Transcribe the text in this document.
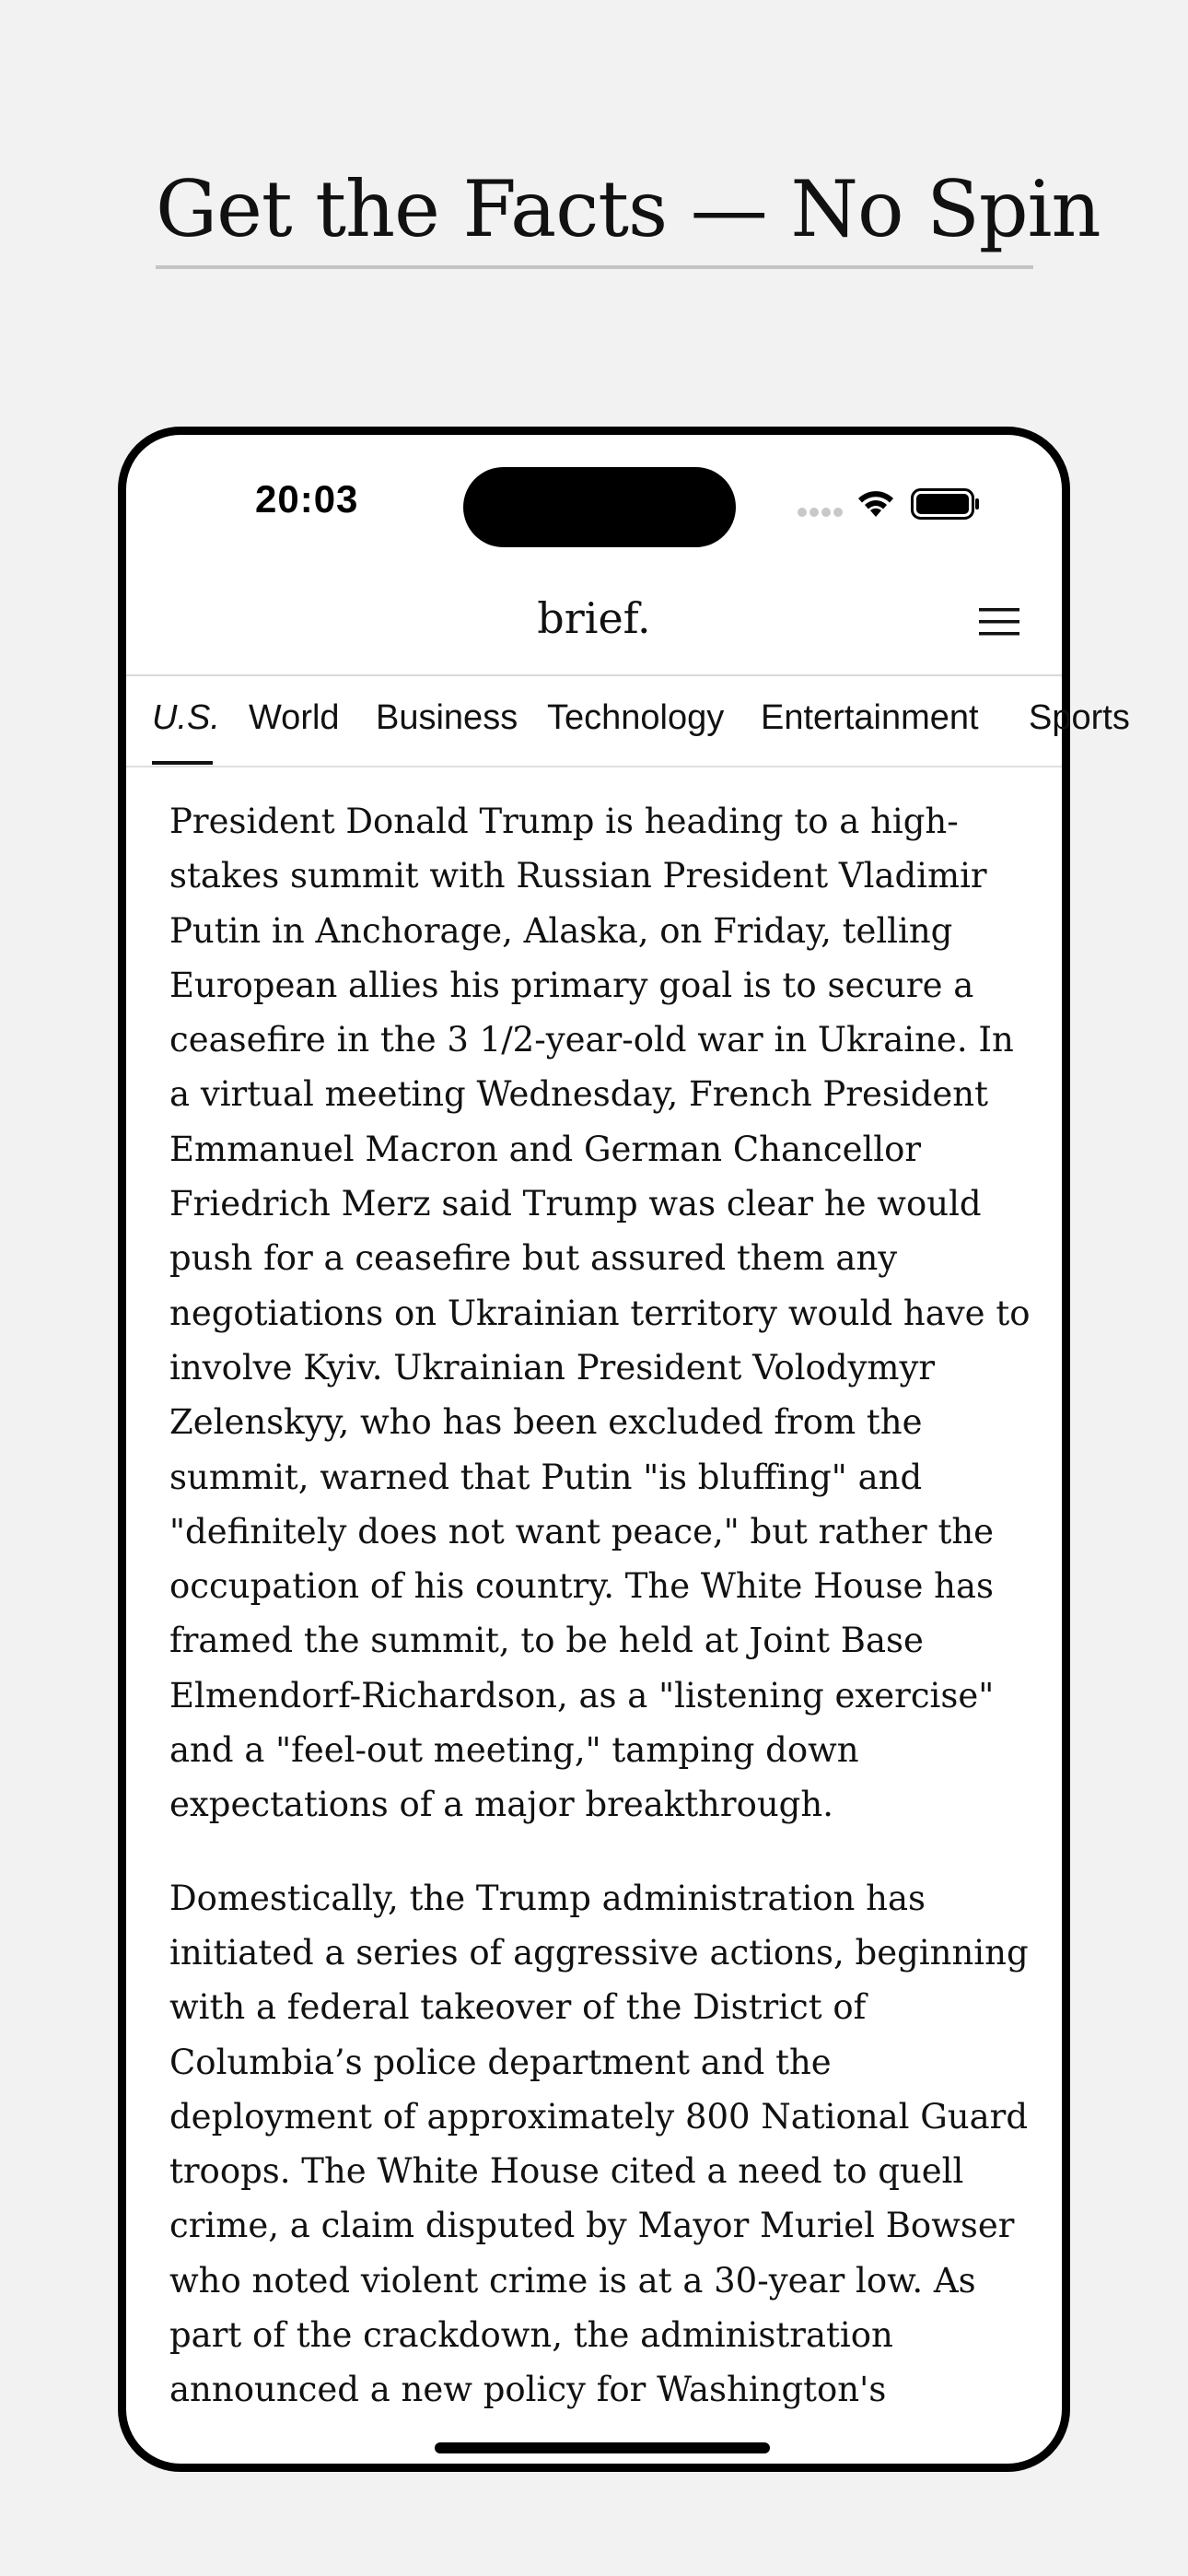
Get the Facts — No Spin
20:03
brief.
U.S. World Business Technology Entertainment Sports

President Donald Trump is heading to a high-stakes summit with Russian President Vladimir Putin in Anchorage, Alaska, on Friday, telling European allies his primary goal is to secure a ceasefire in the 3 1/2-year-old war in Ukraine. In a virtual meeting Wednesday, French President Emmanuel Macron and German Chancellor Friedrich Merz said Trump was clear he would push for a ceasefire but assured them any negotiations on Ukrainian territory would have to involve Kyiv. Ukrainian President Volodymyr Zelenskyy, who has been excluded from the summit, warned that Putin "is bluffing" and "definitely does not want peace," but rather the occupation of his country. The White House has framed the summit, to be held at Joint Base Elmendorf-Richardson, as a "listening exercise" and a "feel-out meeting," tamping down expectations of a major breakthrough.

Domestically, the Trump administration has initiated a series of aggressive actions, beginning with a federal takeover of the District of Columbia’s police department and the deployment of approximately 800 National Guard troops. The White House cited a need to quell crime, a claim disputed by Mayor Muriel Bowser who noted violent crime is at a 30-year low. As part of the crackdown, the administration announced a new policy for Washington's
